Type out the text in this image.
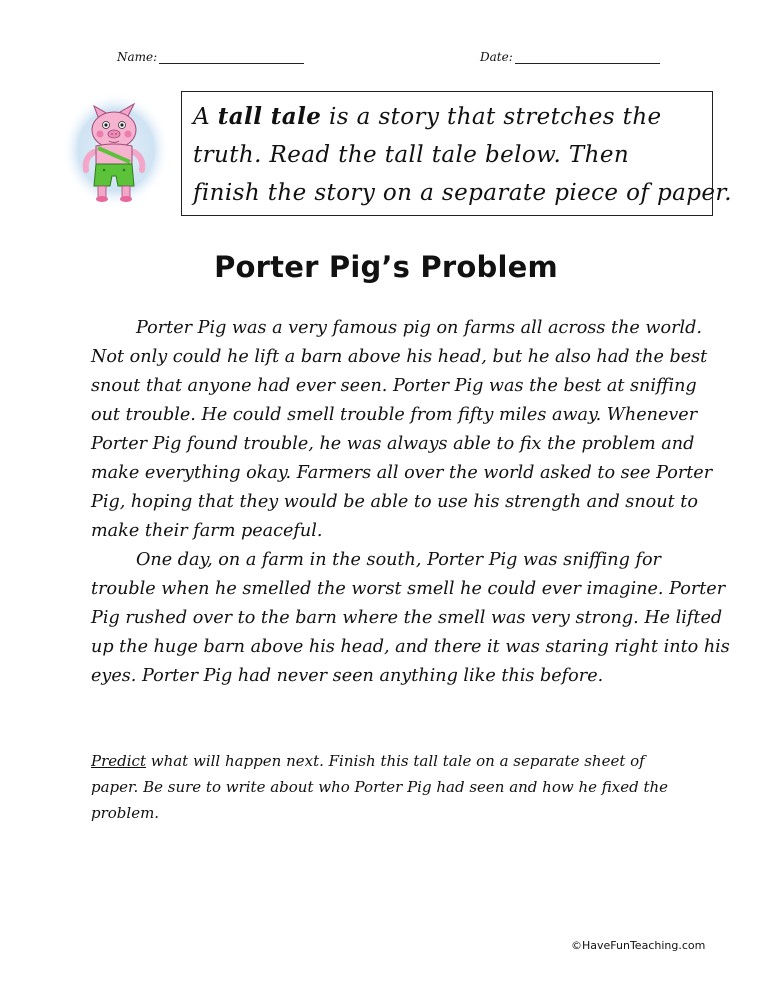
Name:	Date:
A tall tale is a story that stretches the
truth. Read the tall tale below. Then
finish the story on a separate piece of paper.
Porter Pig’s Problem
Porter Pig was a very famous pig on farms all across the world.
Not only could he lift a barn above his head, but he also had the best
snout that anyone had ever seen. Porter Pig was the best at sniffing
out trouble. He could smell trouble from fifty miles away. Whenever
Porter Pig found trouble, he was always able to fix the problem and
make everything okay. Farmers all over the world asked to see Porter
Pig, hoping that they would be able to use his strength and snout to
make their farm peaceful.
One day, on a farm in the south, Porter Pig was sniffing for
trouble when he smelled the worst smell he could ever imagine. Porter
Pig rushed over to the barn where the smell was very strong. He lifted
up the huge barn above his head, and there it was staring right into his
eyes. Porter Pig had never seen anything like this before.
Predict what will happen next. Finish this tall tale on a separate sheet of
paper. Be sure to write about who Porter Pig had seen and how he fixed the
problem.
©HaveFunTeaching.com
